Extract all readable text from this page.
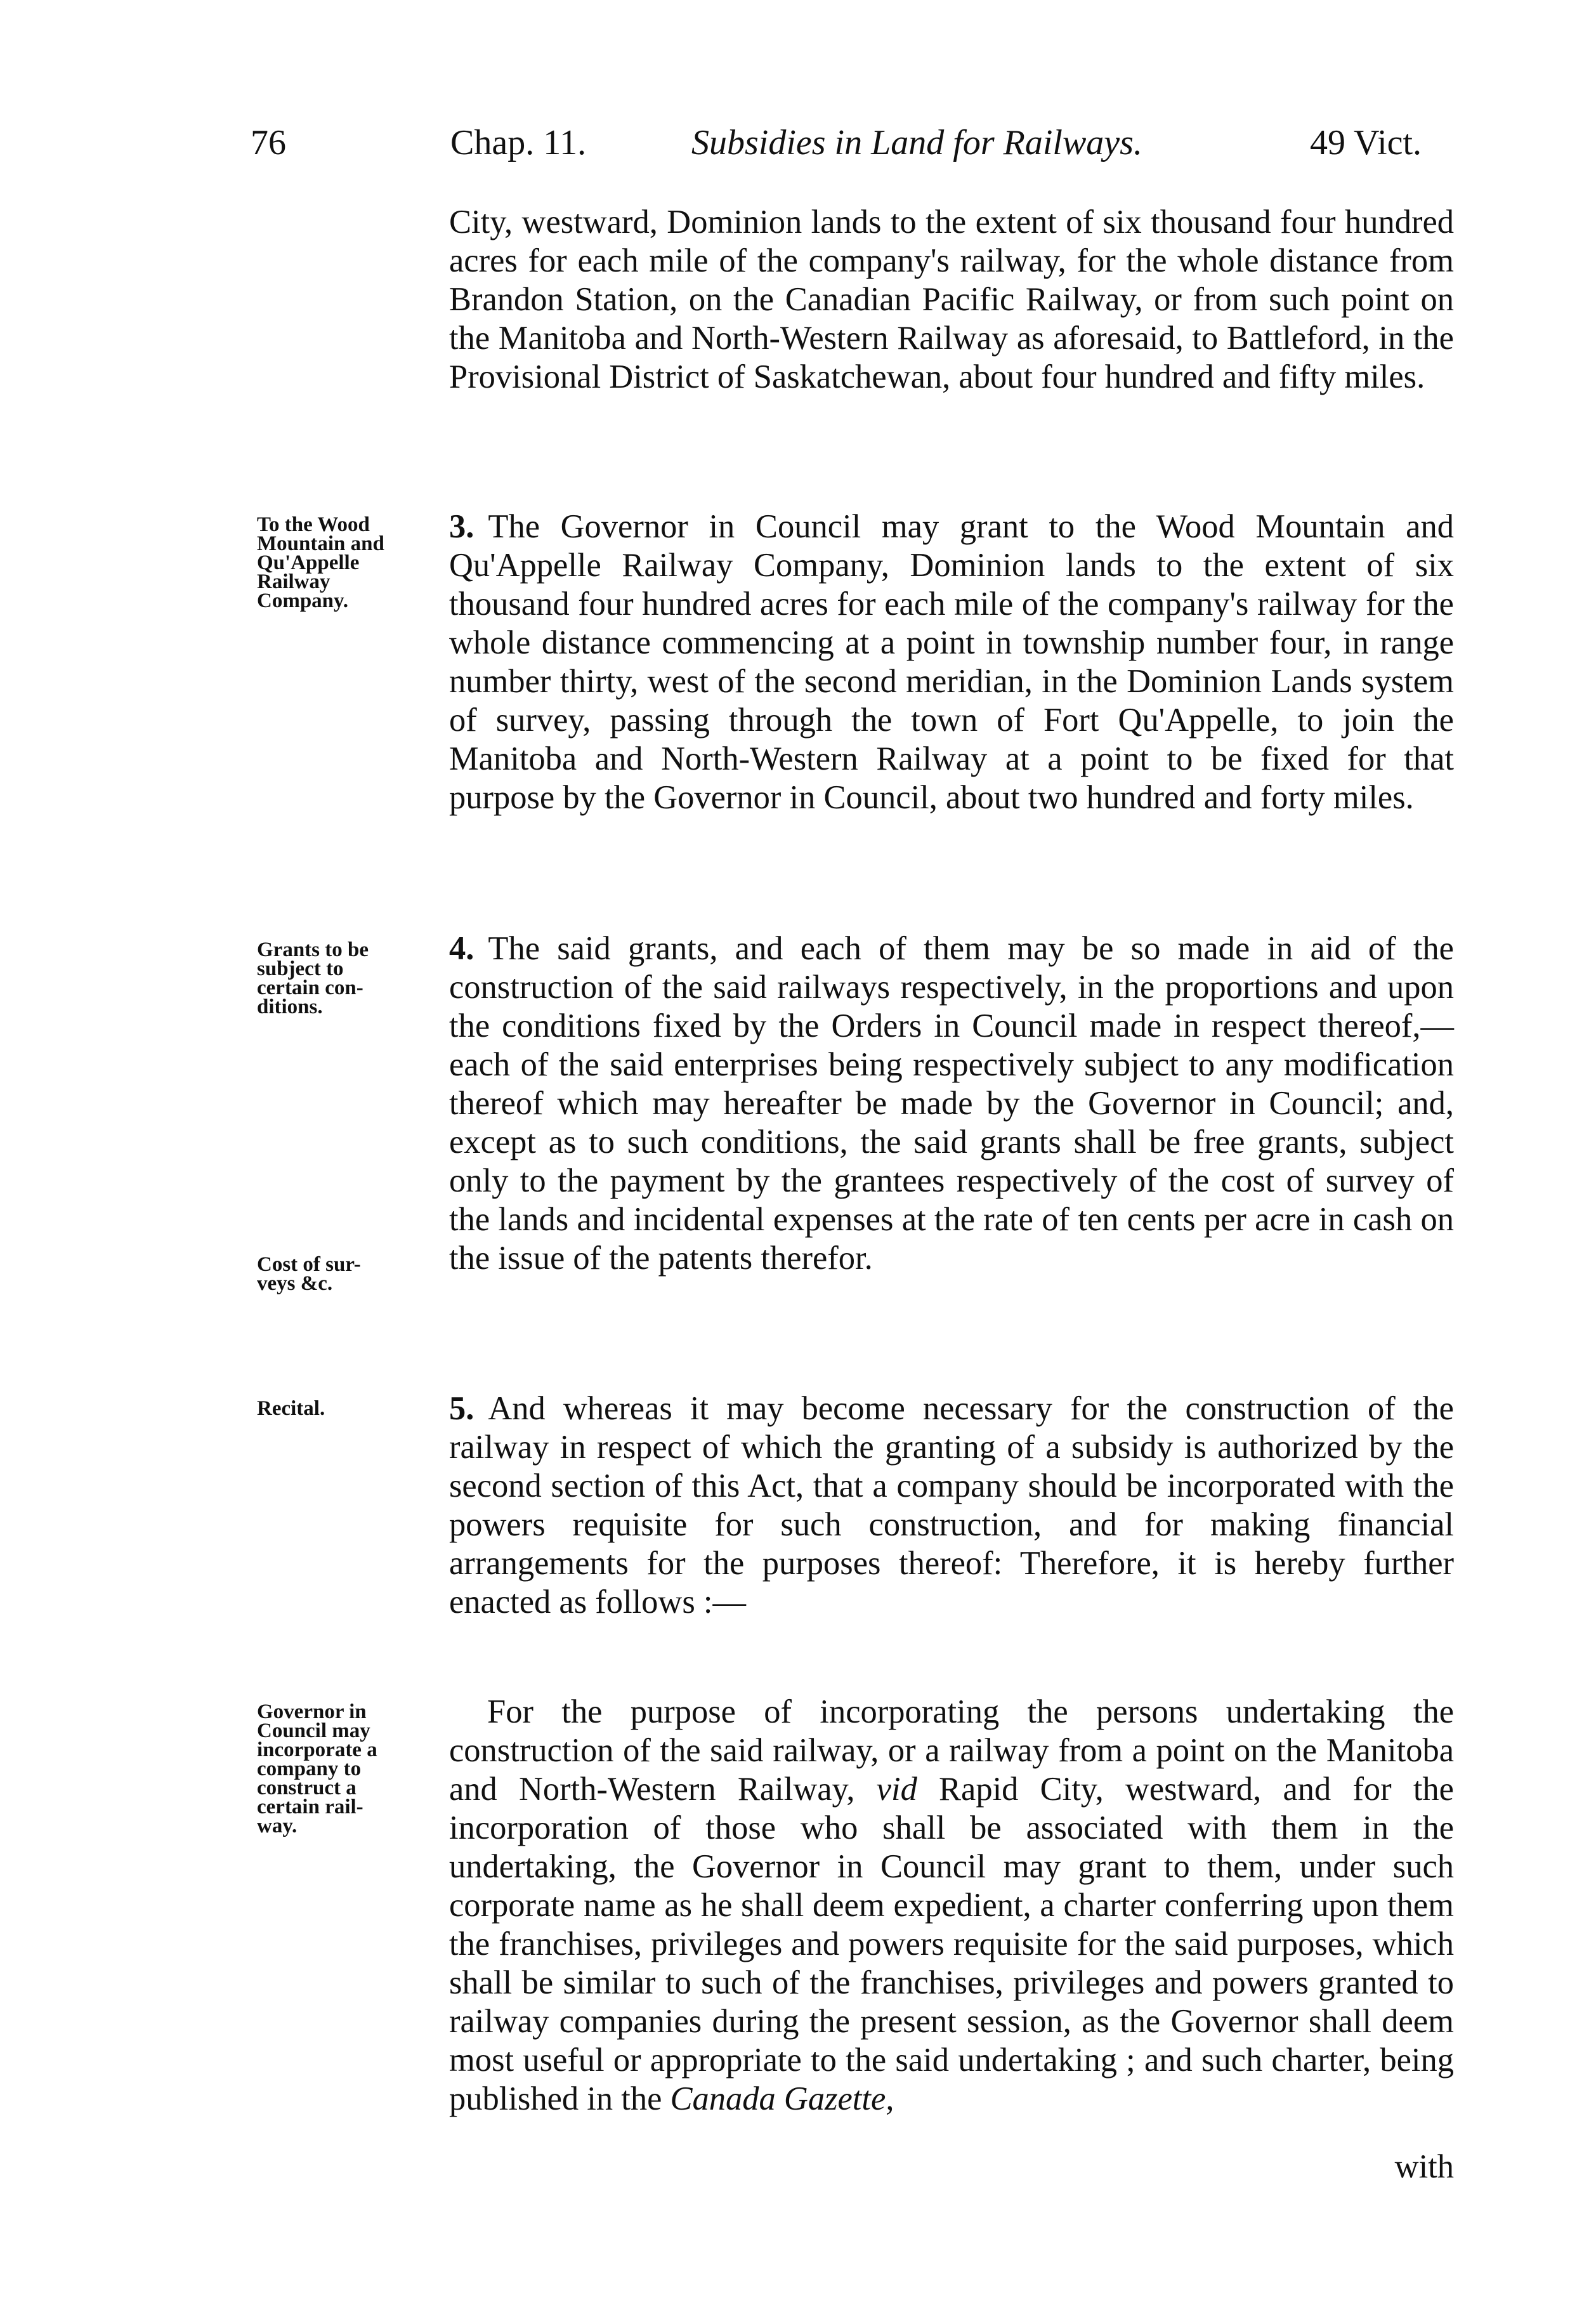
76	Chap. 11.	Subsidies in Land for Railways.	49 Vict.

City, westward, Dominion lands to the extent of six thousand four hundred acres for each mile of the company's railway, for the whole distance from Brandon Station, on the Canadian Pacific Railway, or from such point on the Manitoba and North-Western Railway as aforesaid, to Battleford, in the Provisional District of Saskatchewan, about four hundred and fifty miles.

To the Wood
Mountain and
Qu'Appelle
Railway
Company.

3. The Governor in Council may grant to the Wood Mountain and Qu'Appelle Railway Company, Dominion lands to the extent of six thousand four hundred acres for each mile of the company's railway for the whole distance commencing at a point in township number four, in range number thirty, west of the second meridian, in the Dominion Lands system of survey, passing through the town of Fort Qu'Appelle, to join the Manitoba and North-Western Railway at a point to be fixed for that purpose by the Governor in Council, about two hundred and forty miles.

Grants to be
subject to
certain con-
ditions.
Cost of sur-
veys &c.

4. The said grants, and each of them may be so made in aid of the construction of the said railways respectively, in the proportions and upon the conditions fixed by the Orders in Council made in respect thereof,—each of the said enterprises being respectively subject to any modification thereof which may hereafter be made by the Governor in Council; and, except as to such conditions, the said grants shall be free grants, subject only to the payment by the grantees respectively of the cost of survey of the lands and incidental expenses at the rate of ten cents per acre in cash on the issue of the patents therefor.

Recital.	5. And whereas it may become necessary for the construction of the railway in respect of which the granting of a subsidy is authorized by the second section of this Act, that a company should be incorporated with the powers requisite for such construction, and for making financial arrangements for the purposes thereof: Therefore, it is hereby further enacted as follows :—

Governor in
Council may
incorporate a
company to
construct a
certain rail-
way.

For the purpose of incorporating the persons undertaking the construction of the said railway, or a railway from a point on the Manitoba and North-Western Railway, vid Rapid City, westward, and for the incorporation of those who shall be associated with them in the undertaking, the Governor in Council may grant to them, under such corporate name as he shall deem expedient, a charter conferring upon them the franchises, privileges and powers requisite for the said purposes, which shall be similar to such of the franchises, privileges and powers granted to railway companies during the present session, as the Governor shall deem most useful or appropriate to the said undertaking ; and such charter, being published in the Canada Gazette,

with
